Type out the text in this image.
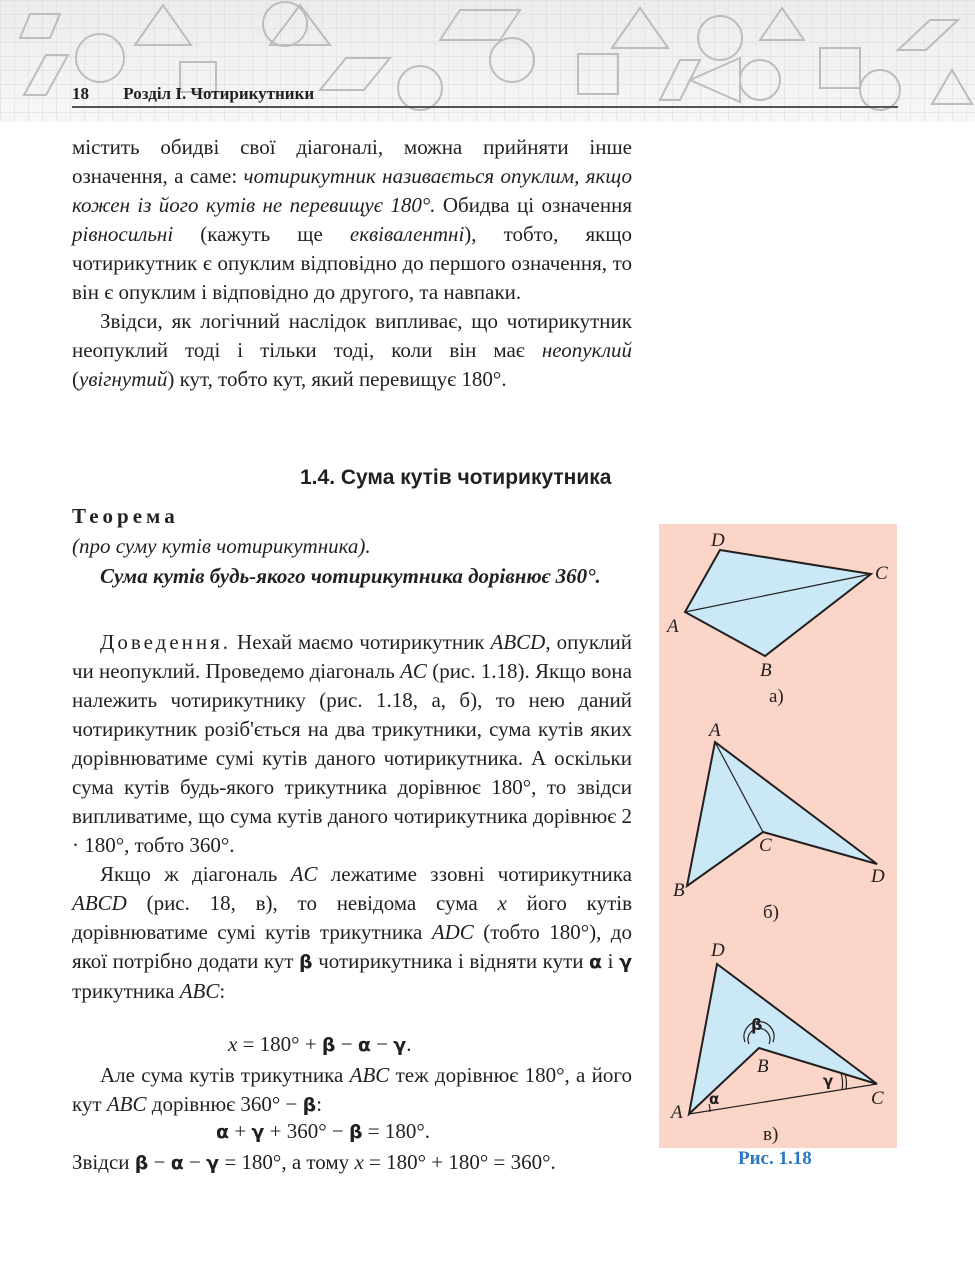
18 Розділ I. Чотирикутники

містить обидві свої діагоналі, можна прийняти інше означення, а саме: чотирикутник називається опуклим, якщо кожен із його кутів не перевищує 180°. Обидва ці означення рівносильні (кажуть ще еквівалентні), тобто, якщо чотирикутник є опуклим відповідно до першого означення, то він є опуклим і відповідно до другого, та навпаки.

Звідси, як логічний наслідок випливає, що чотирикутник неопуклий тоді і тільки тоді, коли він має неопуклий (увігнутий) кут, тобто кут, який перевищує 180°.

1.4. Сума кутів чотирикутника
Теорема
(про суму кутів чотирикутника).
Сума кутів будь-якого чотирикутника дорівнює 360°.

Доведення. Нехай маємо чотирикутник ABCD, опуклий чи неопуклий. Проведемо діагональ AC (рис. 1.18). Якщо вона належить чотирикутнику (рис. 1.18, а, б), то нею даний чотирикутник розіб'ється на два трикутники, сума кутів яких дорівнюватиме сумі кутів даного чотирикутника. А оскільки сума кутів будь-якого трикутника дорівнює 180°, то звідси випливатиме, що сума кутів даного чотирикутника дорівнює 2 · 180°, тобто 360°.

Якщо ж діагональ AC лежатиме ззовні чотирикутника ABCD (рис. 18, в), то невідома сума x його кутів дорівнюватиме сумі кутів трикутника ADC (тобто 180°), до якої потрібно додати кут β чотирикутника і відняти кути α і γ трикутника ABC:

x = 180° + β − α − γ.

Але сума кутів трикутника ABC теж дорівнює 180°, а його кут ABC дорівнює 360° − β:

α + γ + 360° − β = 180°.

Звідси β − α − γ = 180°, а тому x = 180° + 180° = 360°.

D
C
A
B
а)
A
B
C
D
б)
D
B
C
A
β
α
γ
в)
Рис. 1.18
